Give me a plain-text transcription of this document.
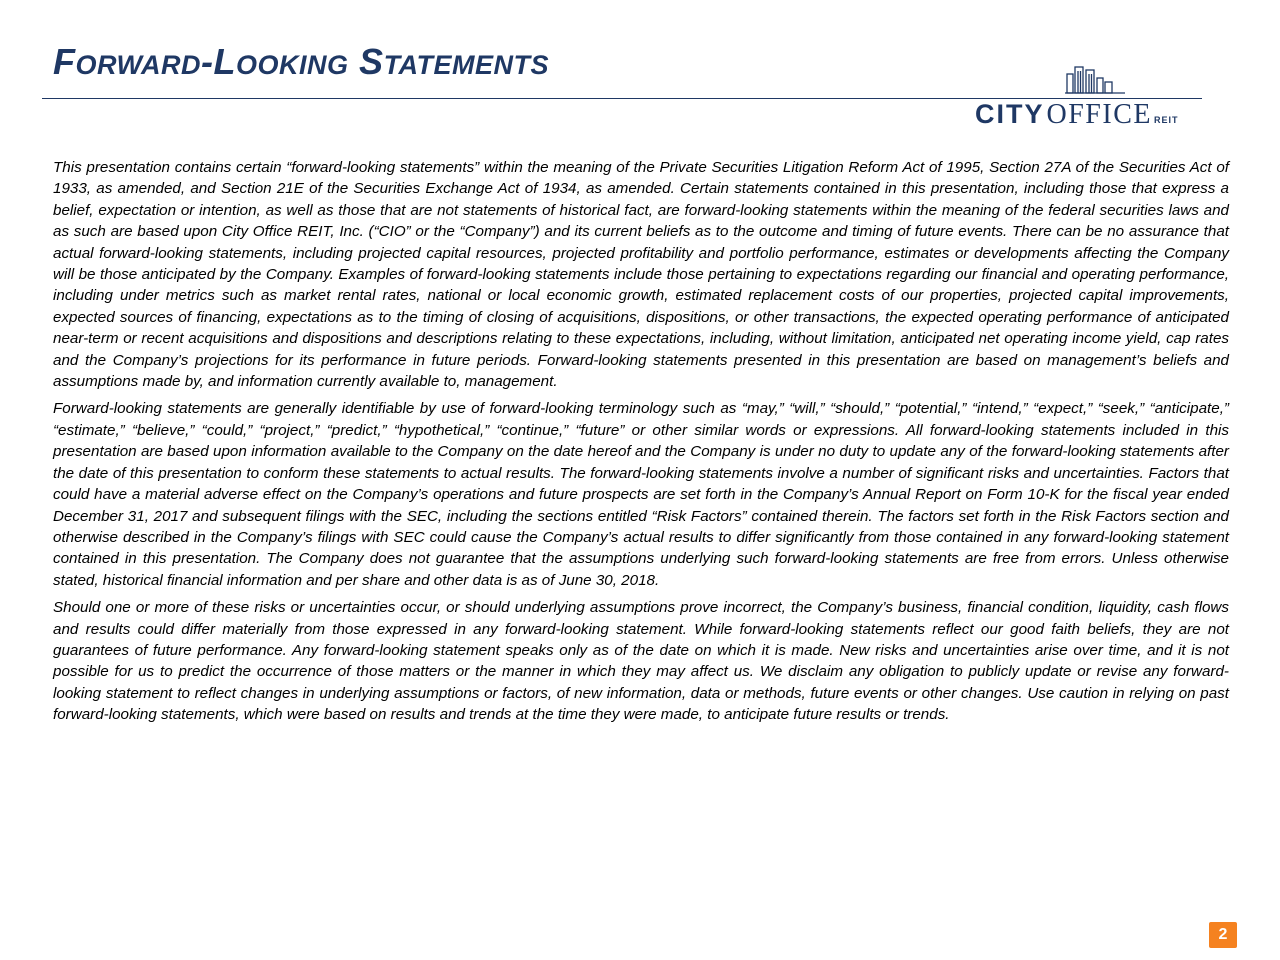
FORWARD-LOOKING STATEMENTS
CITYOFFICE REIT

This presentation contains certain “forward-looking statements” within the meaning of the Private Securities Litigation Reform Act of 1995, Section 27A of the Securities Act of 1933, as amended, and Section 21E of the Securities Exchange Act of 1934, as amended. Certain statements contained in this presentation, including those that express a belief, expectation or intention, as well as those that are not statements of historical fact, are forward-looking statements within the meaning of the federal securities laws and as such are based upon City Office REIT, Inc. (“CIO” or the “Company”) and its current beliefs as to the outcome and timing of future events. There can be no assurance that actual forward-looking statements, including projected capital resources, projected profitability and portfolio performance, estimates or developments affecting the Company will be those anticipated by the Company. Examples of forward-looking statements include those pertaining to expectations regarding our financial and operating performance, including under metrics such as market rental rates, national or local economic growth, estimated replacement costs of our properties, projected capital improvements, expected sources of financing, expectations as to the timing of closing of acquisitions, dispositions, or other transactions, the expected operating performance of anticipated near-term or recent acquisitions and dispositions and descriptions relating to these expectations, including, without limitation, anticipated net operating income yield, cap rates and the Company’s projections for its performance in future periods. Forward-looking statements presented in this presentation are based on management’s beliefs and assumptions made by, and information currently available to, management.

Forward-looking statements are generally identifiable by use of forward-looking terminology such as “may,” “will,” “should,” “potential,” “intend,” “expect,” “seek,” “anticipate,” “estimate,” “believe,” “could,” “project,” “predict,” “hypothetical,” “continue,” “future” or other similar words or expressions. All forward-looking statements included in this presentation are based upon information available to the Company on the date hereof and the Company is under no duty to update any of the forward-looking statements after the date of this presentation to conform these statements to actual results. The forward-looking statements involve a number of significant risks and uncertainties. Factors that could have a material adverse effect on the Company’s operations and future prospects are set forth in the Company’s Annual Report on Form 10-K for the fiscal year ended December 31, 2017 and subsequent filings with the SEC, including the sections entitled “Risk Factors” contained therein. The factors set forth in the Risk Factors section and otherwise described in the Company’s filings with SEC could cause the Company’s actual results to differ significantly from those contained in any forward-looking statement contained in this presentation. The Company does not guarantee that the assumptions underlying such forward-looking statements are free from errors. Unless otherwise stated, historical financial information and per share and other data is as of June 30, 2018.

Should one or more of these risks or uncertainties occur, or should underlying assumptions prove incorrect, the Company’s business, financial condition, liquidity, cash flows and results could differ materially from those expressed in any forward-looking statement. While forward-looking statements reflect our good faith beliefs, they are not guarantees of future performance. Any forward-looking statement speaks only as of the date on which it is made. New risks and uncertainties arise over time, and it is not possible for us to predict the occurrence of those matters or the manner in which they may affect us. We disclaim any obligation to publicly update or revise any forward-looking statement to reflect changes in underlying assumptions or factors, of new information, data or methods, future events or other changes. Use caution in relying on past forward-looking statements, which were based on results and trends at the time they were made, to anticipate future results or trends.

2
